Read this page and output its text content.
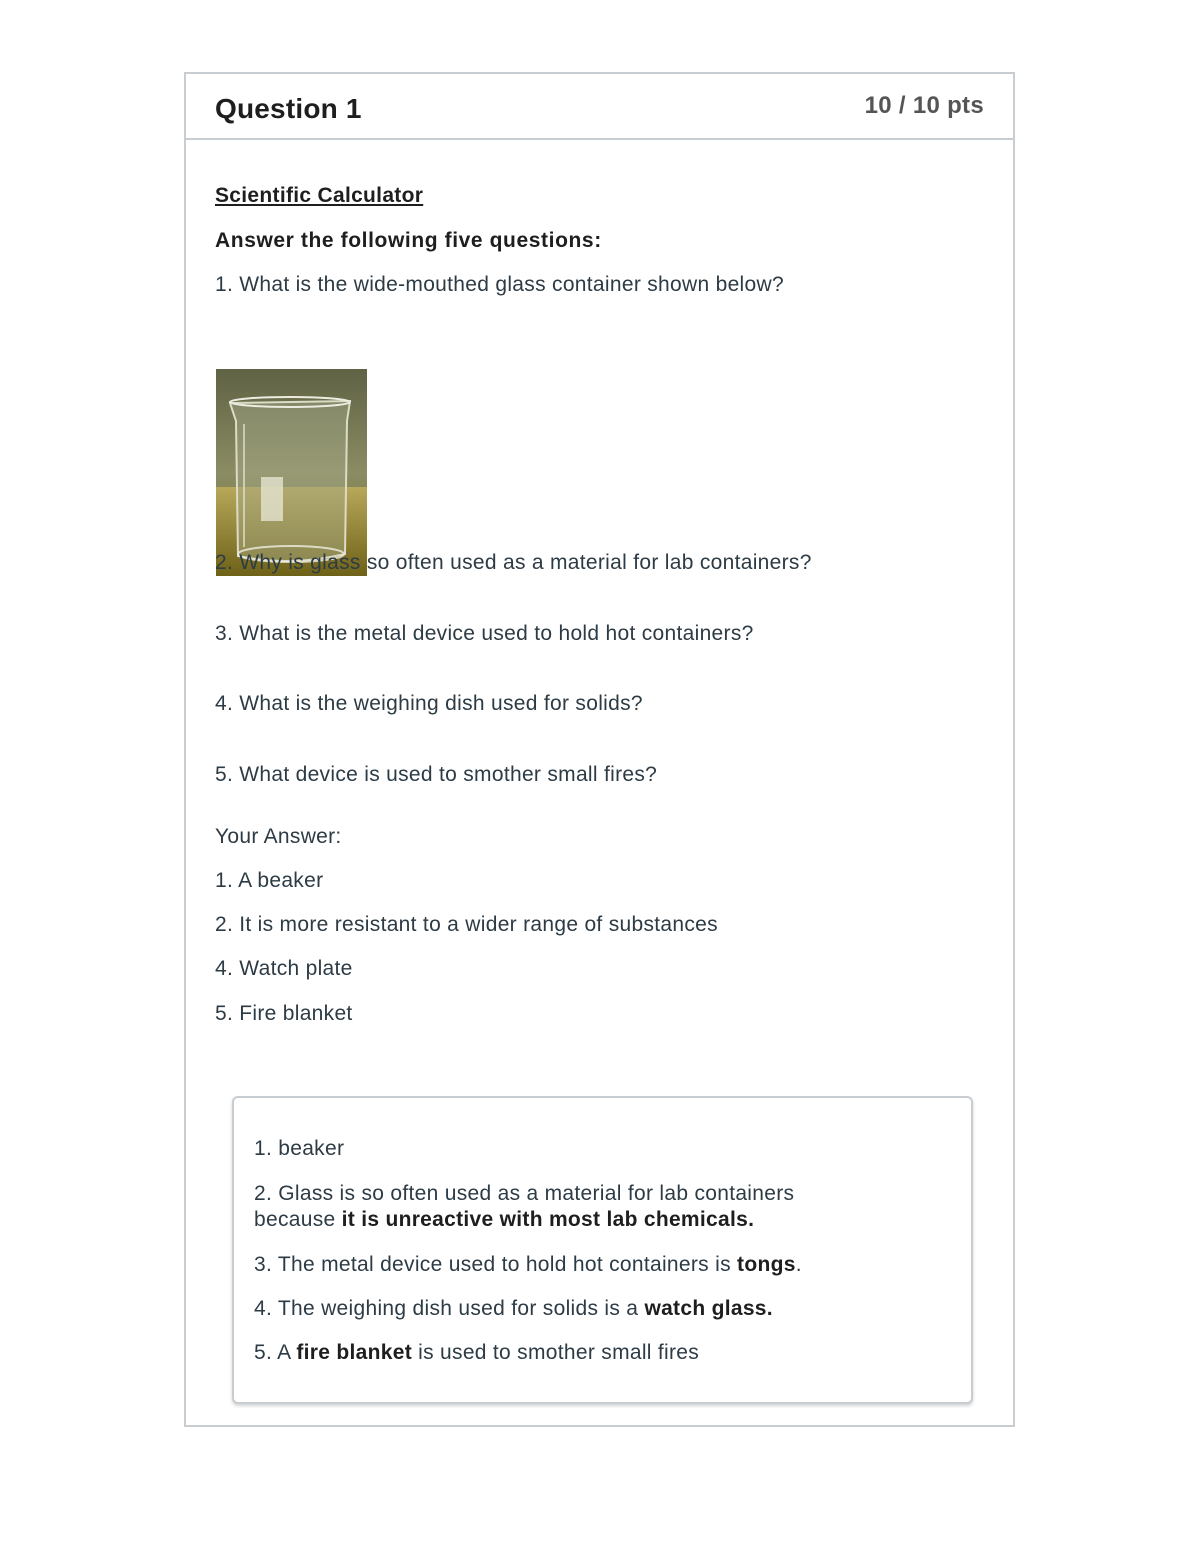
Question 1	10 / 10 pts
Scientific Calculator
Answer the following five questions:
1. What is the wide-mouthed glass container shown below?
2. Why is glass so often used as a material for lab containers?
3. What is the metal device used to hold hot containers?
4. What is the weighing dish used for solids?
5. What device is used to smother small fires?
Your Answer:
1. A beaker
2. It is more resistant to a wider range of substances
4. Watch plate
5. Fire blanket
1. beaker
2. Glass is so often used as a material for lab containers
because it is unreactive with most lab chemicals.
3. The metal device used to hold hot containers is tongs.
4. The weighing dish used for solids is a watch glass.
5. A fire blanket is used to smother small fires
